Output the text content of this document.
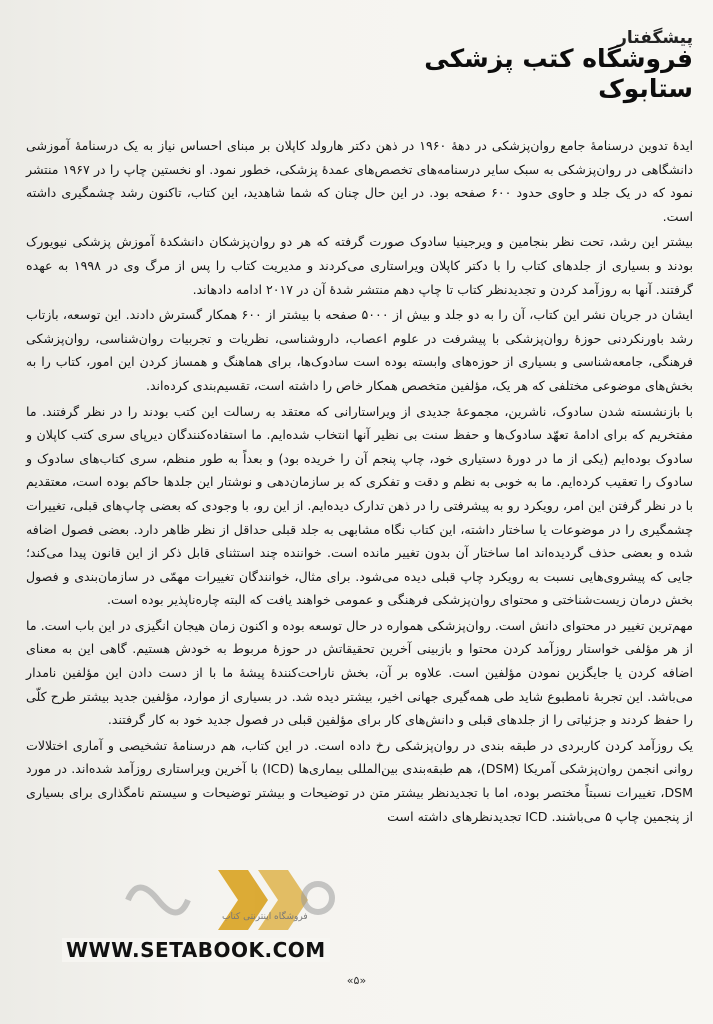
پیشگفتار
فروشگاه کتب پزشکی ستابوک

ایدهٔ تدوین درسنامهٔ جامع روان‌پزشکی در دههٔ ۱۹۶۰ در ذهن دکتر هارولد کاپلان بر مبنای احساس نیاز به یک درسنامهٔ آموزشی دانشگاهی در روان‌پزشکی به سبک سایر درسنامه‌های تخصص‌های عمدهٔ پزشکی، خطور نمود. او نخستین چاپ را در ۱۹۶۷ منتشر نمود که در یک جلد و حاوی حدود ۶۰۰ صفحه بود. در این حال چنان که شما شاهدید، این کتاب، تاکنون رشد چشمگیری داشته است.

بیشتر این رشد، تحت نظر بنجامین و ویرجینیا سادوک صورت گرفته که هر دو روان‌پزشکان دانشکدهٔ آموزش پزشکی نیویورک بودند و بسیاری از جلدهای کتاب را با دکتر کاپلان ویراستاری می‌کردند و مدیریت کتاب را پس از مرگ وی در ۱۹۹۸ به عهده گرفتند. آنها به روزآمد کردن و تجدیدنظر کتاب تا چاپ دهم منتشر شدهٔ آن در ۲۰۱۷ ادامه دادهاند.

ایشان در جریان نشر این کتاب، آن را به دو جلد و بیش از ۵۰۰۰ صفحه با بیشتر از ۶۰۰ همکار گسترش دادند. این توسعه، بازتاب رشد باورنکردنی حوزهٔ روان‌پزشکی با پیشرفت در علوم اعصاب، داروشناسی، نظریات و تجربیات روان‌شناسی، روان‌پزشکی فرهنگی، جامعه‌شناسی و بسیاری از حوزه‌های وابسته بوده است سادوک‌ها، برای هماهنگ و همساز کردن این امور، کتاب را به بخش‌های موضوعی مختلفی که هر یک، مؤلفین متخصص همکار خاص را داشته است، تقسیم‌بندی کرده‌اند.

با بازنشسته شدن سادوک، ناشرین، مجموعهٔ جدیدی از ویراستارانی که معتقد به رسالت این کتب بودند را در نظر گرفتند. ما مفتخریم که برای ادامهٔ تعهّد سادوک‌ها و حفظ سنت بی نظیر آنها انتخاب شده‌ایم. ما استفاده‌کنندگان دیرپای سری کتب کاپلان و سادوک بوده‌ایم (یکی از ما در دورهٔ دستیاری خود، چاپ پنجم آن را خریده بود) و بعداً به طور منظم، سری کتاب‌های سادوک و سادوک را تعقیب کرده‌ایم. ما به خوبی به نظم و دقت و تفکری که بر سازمان‌دهی و نوشتار این جلدها حاکم بوده است، معتقدیم با در نظر گرفتن این امر، رویکرد رو به پیشرفتی را در ذهن تدارک دیده‌ایم. از این رو، با وجودی که بعضی چاپ‌های قبلی، تغییرات چشمگیری را در موضوعات یا ساختار داشته، این کتاب نگاه مشابهی به جلد قبلی حداقل از نظر ظاهر دارد. بعضی فصول اضافه شده و بعضی حذف گردیده‌اند اما ساختار آن بدون تغییر مانده است. خواننده چند استثنای قابل ذکر از این قانون پیدا می‌کند؛ جایی که پیشروی‌هایی نسبت به رویکرد چاپ قبلی دیده می‌شود. برای مثال، خوانندگان تغییرات مهمّی در سازمان‌بندی و فصول بخش درمان زیست‌شناختی و محتوای روان‌پزشکی فرهنگی و عمومی خواهند یافت که البته چاره‌ناپذیر بوده است.

مهم‌ترین تغییر در محتوای دانش است. روان‌پزشکی همواره در حال توسعه بوده و اکنون زمان هیجان انگیزی در این باب است. ما از هر مؤلفی خواستار روزآمد کردن محتوا و بازبینی آخرین تحقیقاتش در حوزهٔ مربوط به خودش هستیم. گاهی این به معنای اضافه کردن یا جایگزین نمودن مؤلفین است. علاوه بر آن، بخش ناراحت‌کنندهٔ پیشهٔ ما با از دست دادن این مؤلفین نامدار می‌باشد. این تجربهٔ نامطبوع شاید طی همه‌گیری جهانی اخیر، بیشتر دیده شد. در بسیاری از موارد، مؤلفین جدید بیشتر طرح کلّی را حفظ کردند و جزئیاتی را از جلدهای قبلی و دانش‌های کار برای مؤلفین قبلی در فصول جدید خود به کار گرفتند.

یک روزآمد کردن کاربردی در طبقه بندی در روان‌پزشکی رخ داده است. در این کتاب، هم درسنامهٔ تشخیصی و آماری اختلالات روانی انجمن روان‌پزشکی آمریکا (DSM)، هم طبقه‌بندی بین‌المللی بیماری‌ها (ICD) با آخرین ویراستاری روزآمد شده‌اند. در مورد DSM، تغییرات نسبتاً مختصر بوده، اما با تجدیدنظر بیشتر متن در توضیحات و بیشتر توضیحات و سیستم نامگذاری برای بسیاری از پنجمین چاپ ۵ می‌باشند. ICD تجدیدنظرهای داشته است

فروشگاه اینترنتی کتاب
WWW.SETABOOK.COM
«۵»
